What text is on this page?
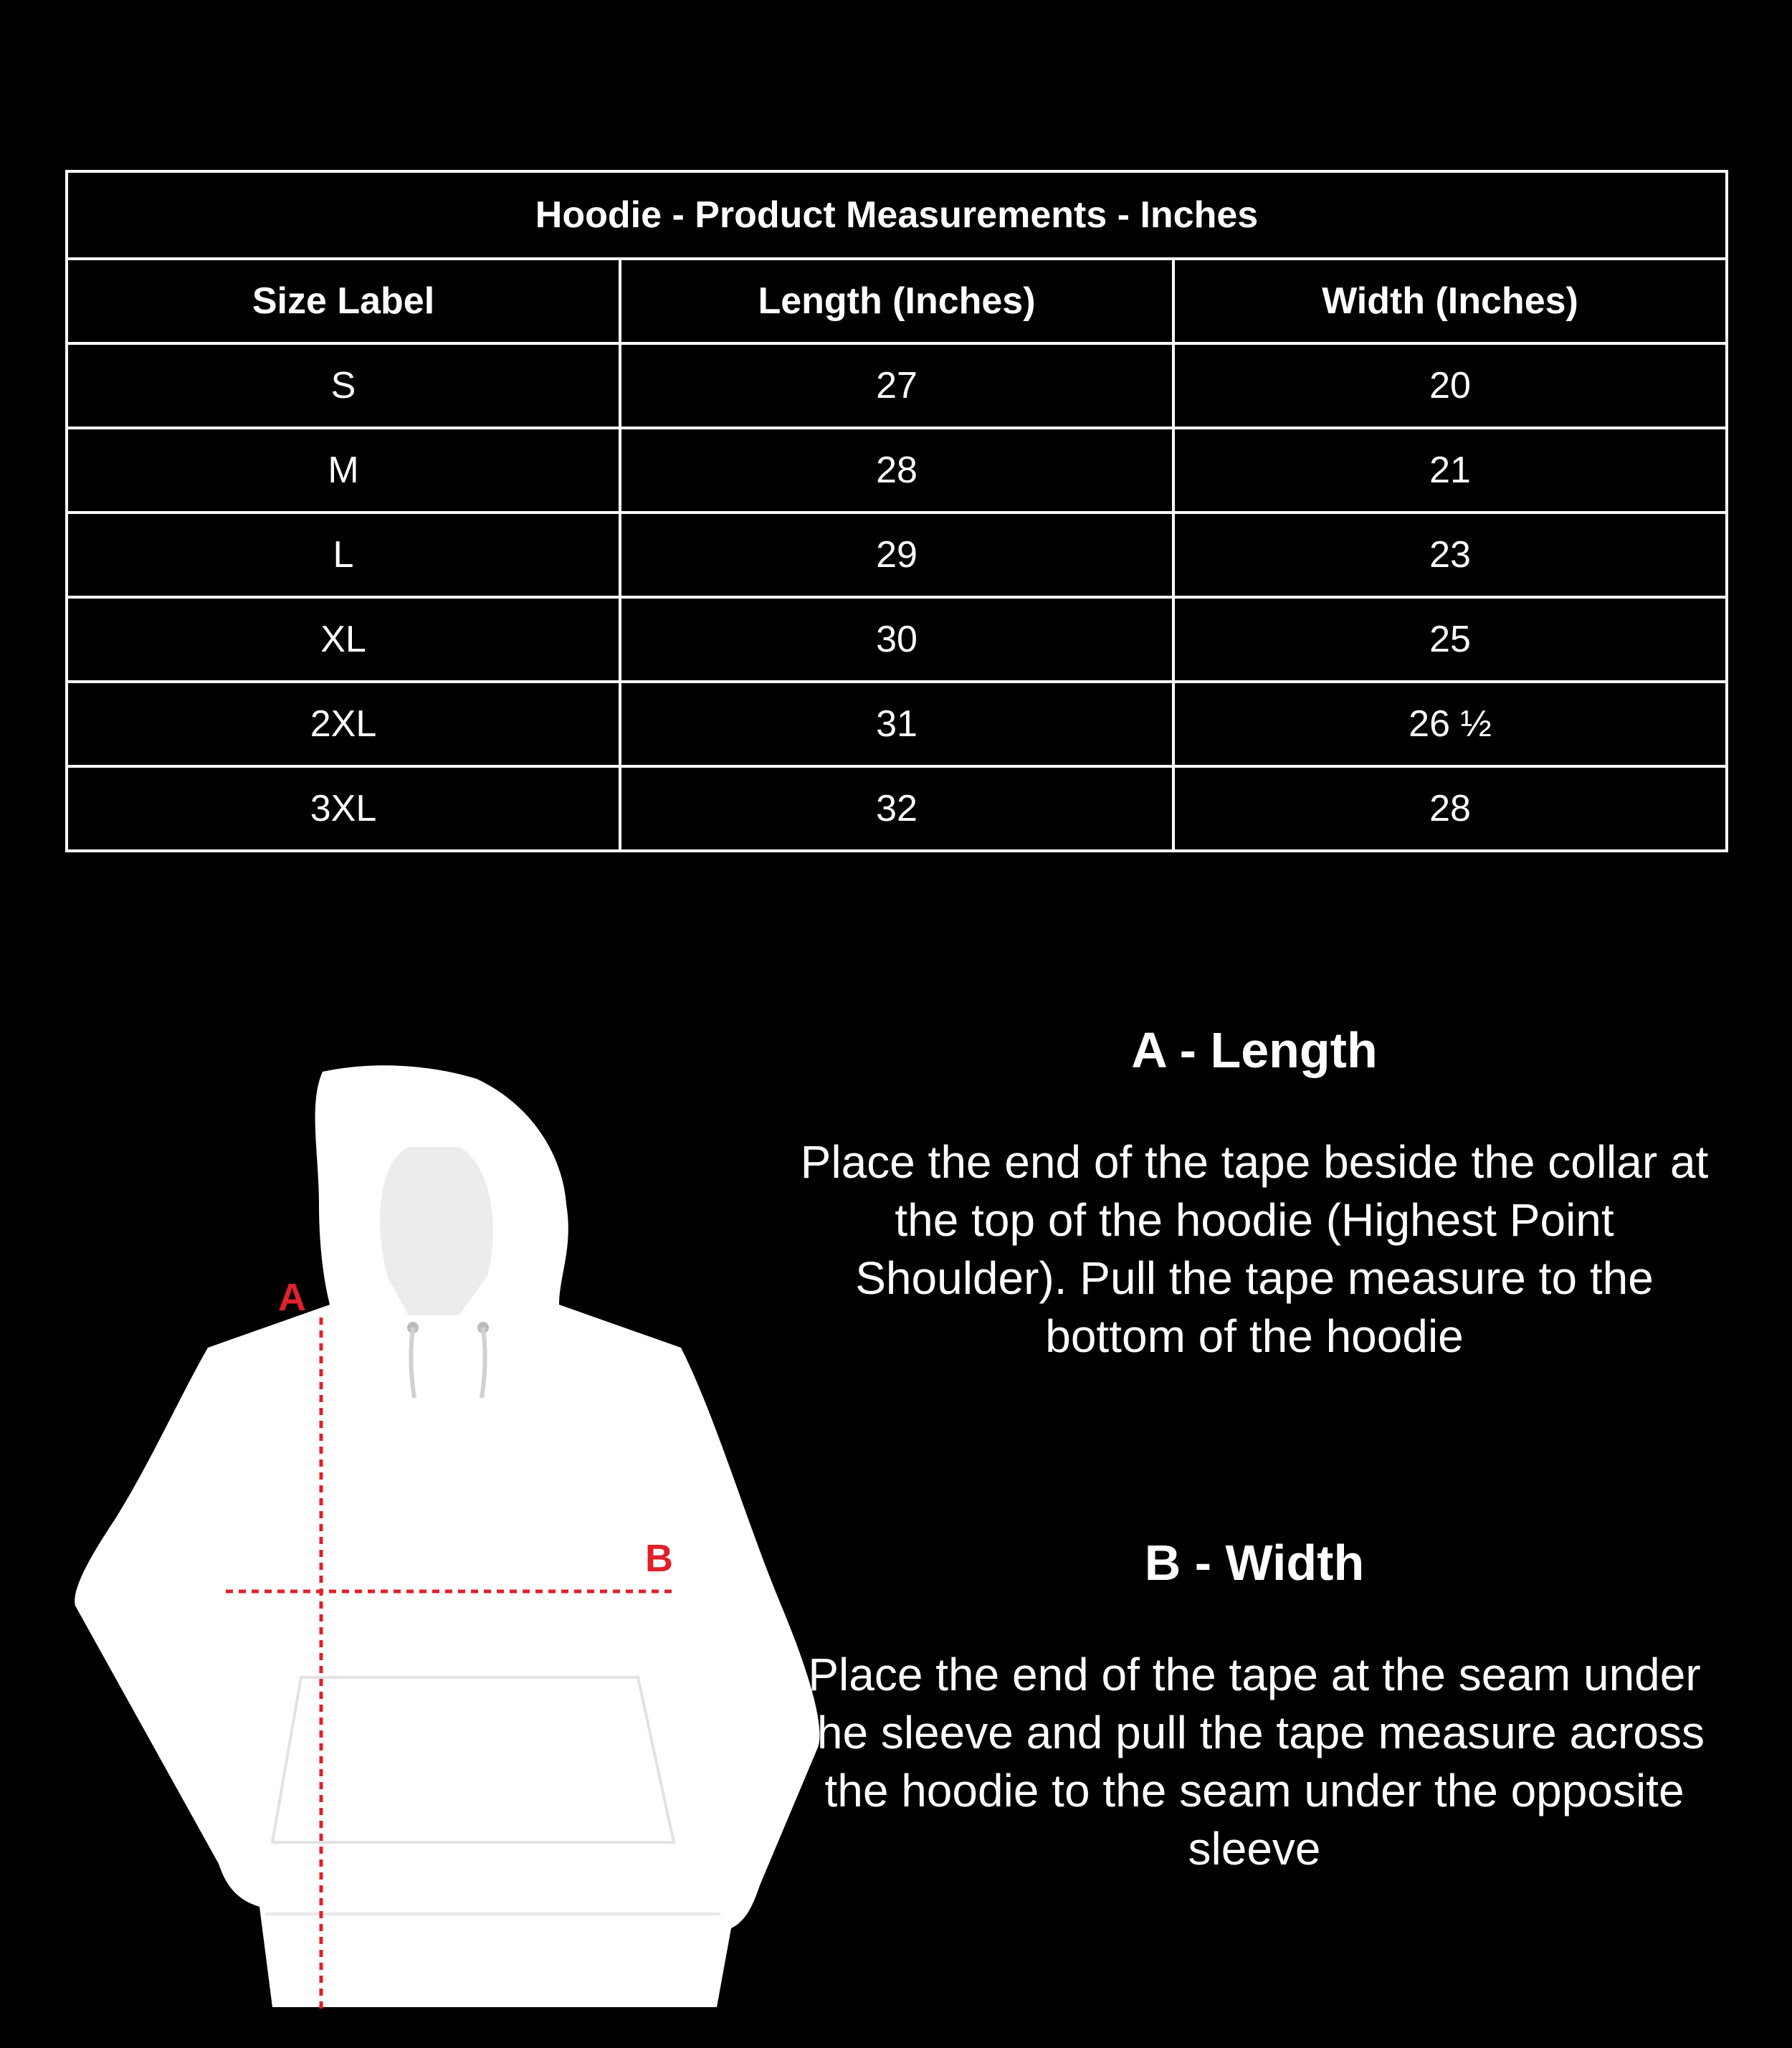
Hoodie - Product Measurements - Inches		
Size Label	Length (Inches)	Width (Inches)
S	27	20
M	28	21
L	29	23
XL	30	25
2XL	31	26 ½
3XL	32	28
A
B

A - Length

Place the end of the tape beside the collar at the top of the hoodie (Highest Point Shoulder). Pull the tape measure to the bottom of the hoodie

B - Width

Place the end of the tape at the seam under the sleeve and pull the tape measure across the hoodie to the seam under the opposite sleeve
